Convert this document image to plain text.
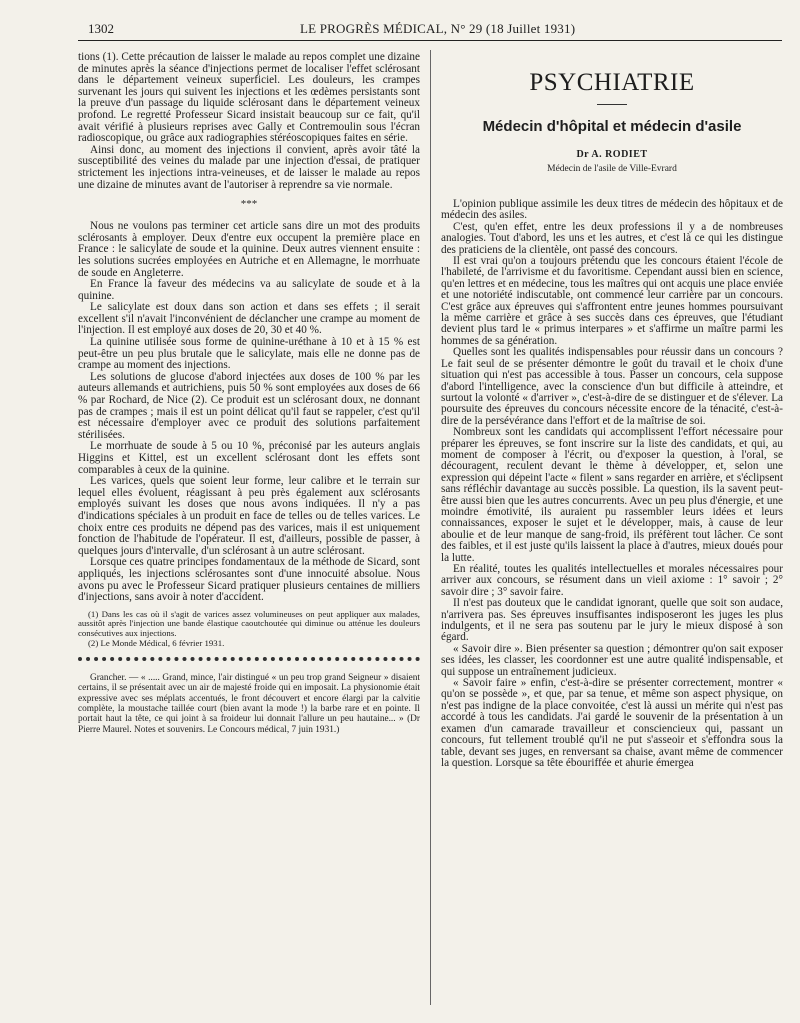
1302	LE PROGRÈS MÉDICAL, N° 29 (18 Juillet 1931)

tions (1). Cette précaution de laisser le malade au repos complet une dizaine de minutes après la séance d'injections permet de localiser l'effet sclérosant dans le département veineux superficiel. Les douleurs, les crampes survenant les jours qui suivent les injections et les œdèmes persistants sont la preuve d'un passage du liquide sclérosant dans le département veineux profond. Le regretté Professeur Sicard insistait beaucoup sur ce fait, qu'il avait vérifié à plusieurs reprises avec Gally et Contremoulin sous l'écran radioscopique, ou grâce aux radiographies stéréoscopiques faites en série.

Ainsi donc, au moment des injections il convient, après avoir tâté la susceptibilité des veines du malade par une injection d'essai, de pratiquer strictement les injections intra-veineuses, et de laisser le malade au repos une dizaine de minutes avant de l'autoriser à reprendre sa vie normale.

***

Nous ne voulons pas terminer cet article sans dire un mot des produits sclérosants à employer. Deux d'entre eux occupent la première place en France : le salicylate de soude et la quinine. Deux autres viennent ensuite : les solutions sucrées employées en Autriche et en Allemagne, le morrhuate de soude en Angleterre.

En France la faveur des médecins va au salicylate de soude et à la quinine.

Le salicylate est doux dans son action et dans ses effets ; il serait excellent s'il n'avait l'inconvénient de déclancher une crampe au moment de l'injection. Il est employé aux doses de 20, 30 et 40 %.

La quinine utilisée sous forme de quinine-uréthane à 10 et à 15 % est peut-être un peu plus brutale que le salicylate, mais elle ne donne pas de crampe au moment des injections.

Les solutions de glucose d'abord injectées aux doses de 100 % par les auteurs allemands et autrichiens, puis 50 % sont employées aux doses de 66 % par Rochard, de Nice (2). Ce produit est un sclérosant doux, ne donnant pas de crampes ; mais il est un point délicat qu'il faut se rappeler, c'est qu'il est nécessaire d'employer avec ce produit des solutions parfaitement stérilisées.

Le morrhuate de soude à 5 ou 10 %, préconisé par les auteurs anglais Higgins et Kittel, est un excellent sclérosant dont les effets sont comparables à ceux de la quinine.

Les varices, quels que soient leur forme, leur calibre et le terrain sur lequel elles évoluent, réagissant à peu près également aux sclérosants employés suivant les doses que nous avons indiquées. Il n'y a pas d'indications spéciales à un produit en face de telles ou de telles varices. Le choix entre ces produits ne dépend pas des varices, mais il est uniquement fonction de l'habitude de l'opérateur. Il est, d'ailleurs, possible de passer, à quelques jours d'intervalle, d'un sclérosant à un autre sclérosant.

Lorsque ces quatre principes fondamentaux de la méthode de Sicard, sont appliqués, les injections sclérosantes sont d'une innocuité absolue. Nous avons pu avec le Professeur Sicard pratiquer plusieurs centaines de milliers d'injections, sans avoir à noter d'accident.

(1) Dans les cas où il s'agit de varices assez volumineuses on peut appliquer aux malades, aussitôt après l'injection une bande élastique caoutchoutée qui diminue ou atténue les douleurs consécutives aux injections.

(2) Le Monde Médical, 6 février 1931.

Grancher. — « ..... Grand, mince, l'air distingué « un peu trop grand Seigneur » disaient certains, il se présentait avec un air de majesté froide qui en imposait. La physionomie était expressive avec ses méplats accentués, le front découvert et encore élargi par la calvitie complète, la moustache taillée court (bien avant la mode !) la barbe rare et en pointe. Il portait haut la tête, ce qui joint à sa froideur lui donnait l'allure un peu hautaine... » (Dr Pierre Maurel. Notes et souvenirs. Le Concours médical, 7 juin 1931.)

PSYCHIATRIE
Médecin d'hôpital et médecin d'asile
Dr A. RODIET
Médecin de l'asile de Ville-Evrard

L'opinion publique assimile les deux titres de médecin des hôpitaux et de médecin des asiles.

C'est, qu'en effet, entre les deux professions il y a de nombreuses analogies. Tout d'abord, les uns et les autres, et c'est là ce qui les distingue des praticiens de la clientèle, ont passé des concours.

Il est vrai qu'on a toujours prétendu que les concours étaient l'école de l'habileté, de l'arrivisme et du favoritisme. Cependant aussi bien en science, qu'en lettres et en médecine, tous les maîtres qui ont acquis une place enviée et une notoriété indiscutable, ont commencé leur carrière par un concours. C'est grâce aux épreuves qui s'affrontent entre jeunes hommes poursuivant la même carrière et grâce à ses succès dans ces épreuves, que l'étudiant devient plus tard le « primus interpares » et s'affirme un maître parmi les hommes de sa génération.

Quelles sont les qualités indispensables pour réussir dans un concours ? Le fait seul de se présenter démontre le goût du travail et le choix d'une situation qui n'est pas accessible à tous. Passer un concours, cela suppose d'abord l'intelligence, avec la conscience d'un but difficile à atteindre, et surtout la volonté « d'arriver », c'est-à-dire de se distinguer et de s'élever. La poursuite des épreuves du concours nécessite encore de la ténacité, c'est-à-dire de la persévérance dans l'effort et de la maîtrise de soi.

Nombreux sont les candidats qui accomplissent l'effort nécessaire pour préparer les épreuves, se font inscrire sur la liste des candidats, et qui, au moment de composer à l'écrit, ou d'exposer la question, à l'oral, se découragent, reculent devant le thème à développer, et, selon une expression qui dépeint l'acte « filent » sans regarder en arrière, et s'éclipsent sans réfléchir davantage au succès possible. La question, ils la savent peut-être aussi bien que les autres concurrents. Avec un peu plus d'énergie, et une moindre émotivité, ils auraient pu rassembler leurs idées et leurs connaissances, exposer le sujet et le développer, mais, à cause de leur aboulie et de leur manque de sang-froid, ils préfèrent tout lâcher. Ce sont des faibles, et il est juste qu'ils laissent la place à d'autres, mieux doués pour la lutte.

En réalité, toutes les qualités intellectuelles et morales nécessaires pour arriver aux concours, se résument dans un vieil axiome : 1° savoir ; 2° savoir dire ; 3° savoir faire.

Il n'est pas douteux que le candidat ignorant, quelle que soit son audace, n'arrivera pas. Ses épreuves insuffisantes indisposeront les juges les plus indulgents, et il ne sera pas soutenu par le jury le mieux disposé à son égard.

« Savoir dire ». Bien présenter sa question ; démontrer qu'on sait exposer ses idées, les classer, les coordonner est une autre qualité indispensable, et qui suppose un entraînement judicieux.

« Savoir faire » enfin, c'est-à-dire se présenter correctement, montrer « qu'on se possède », et que, par sa tenue, et même son aspect physique, on n'est pas indigne de la place convoitée, c'est là aussi un mérite qui n'est pas accordé à tous les candidats. J'ai gardé le souvenir de la présentation à un examen d'un camarade travailleur et consciencieux qui, passant un concours, fut tellement troublé qu'il ne put s'asseoir et s'effondra sous la table, devant ses juges, en renversant sa chaise, avant même de commencer la question. Lorsque sa tête ébouriffée et ahurie émergea
